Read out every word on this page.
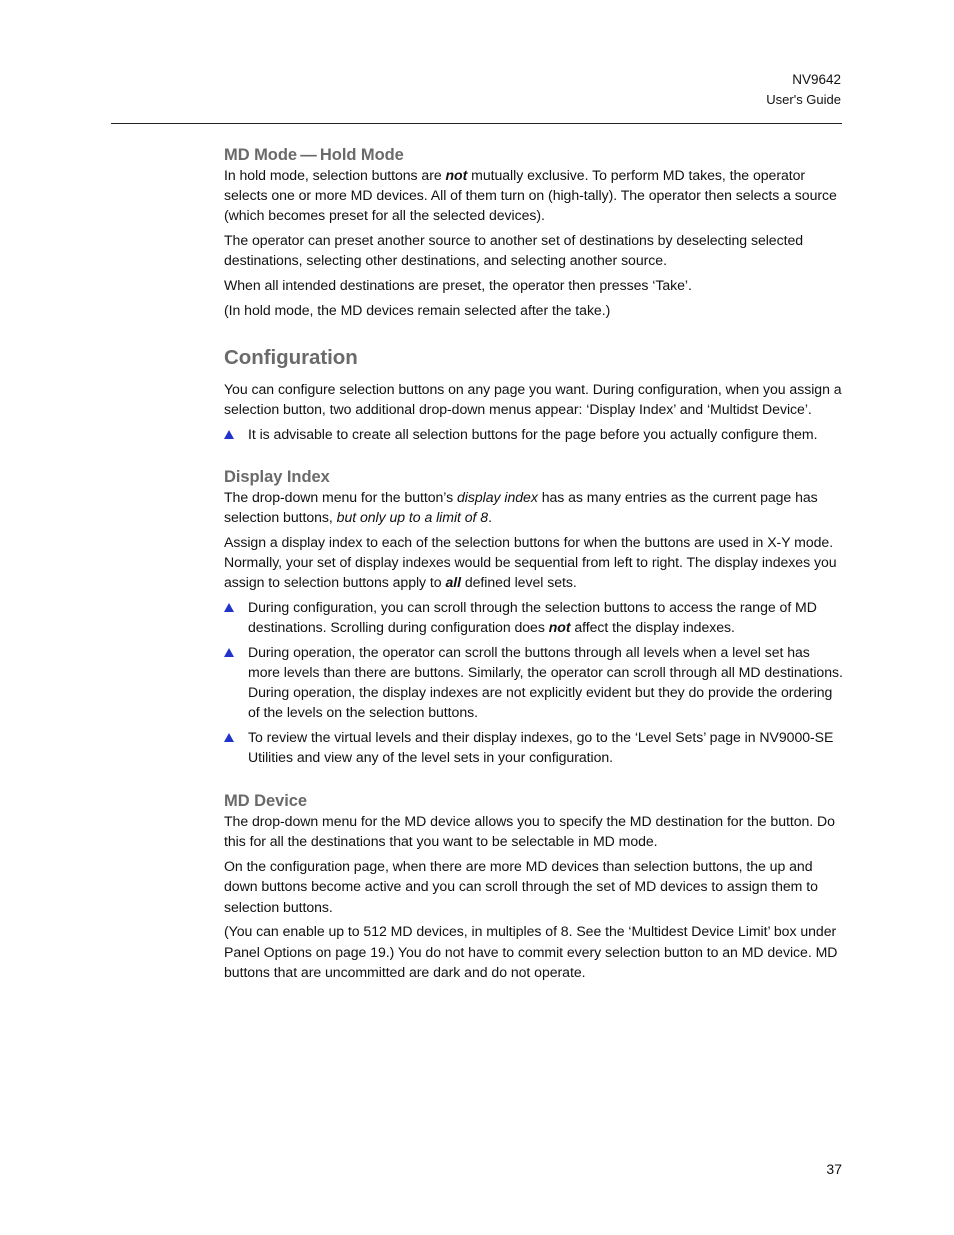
NV9642
User's Guide
MD Mode — Hold Mode

In hold mode, selection buttons are not mutually exclusive. To perform MD takes, the operator selects one or more MD devices. All of them turn on (high-tally). The operator then selects a source (which becomes preset for all the selected devices).

The operator can preset another source to another set of destinations by deselecting selected destinations, selecting other destinations, and selecting another source.

When all intended destinations are preset, the operator then presses ‘Take’.

(In hold mode, the MD devices remain selected after the take.)

Configuration

You can configure selection buttons on any page you want. During configuration, when you assign a selection button, two additional drop-down menus appear: ‘Display Index’ and ‘Multidst Device’.

It is advisable to create all selection buttons for the page before you actually configure them.
Display Index

The drop-down menu for the button’s display index has as many entries as the current page has selection buttons, but only up to a limit of 8.

Assign a display index to each of the selection buttons for when the buttons are used in X-Y mode. Normally, your set of display indexes would be sequential from left to right. The display indexes you assign to selection buttons apply to all defined level sets.

During configuration, you can scroll through the selection buttons to access the range of MD destinations. Scrolling during configuration does not affect the display indexes.
During operation, the operator can scroll the buttons through all levels when a level set has more levels than there are buttons. Similarly, the operator can scroll through all MD destinations. During operation, the display indexes are not explicitly evident but they do provide the ordering of the levels on the selection buttons.
To review the virtual levels and their display indexes, go to the ‘Level Sets’ page in NV9000-SE Utilities and view any of the level sets in your configuration.
MD Device

The drop-down menu for the MD device allows you to specify the MD destination for the button. Do this for all the destinations that you want to be selectable in MD mode.

On the configuration page, when there are more MD devices than selection buttons, the up and down buttons become active and you can scroll through the set of MD devices to assign them to selection buttons.

(You can enable up to 512 MD devices, in multiples of 8. See the ‘Multidest Device Limit’ box under Panel Options on page 19.) You do not have to commit every selection button to an MD device. MD buttons that are uncommitted are dark and do not operate.

37
